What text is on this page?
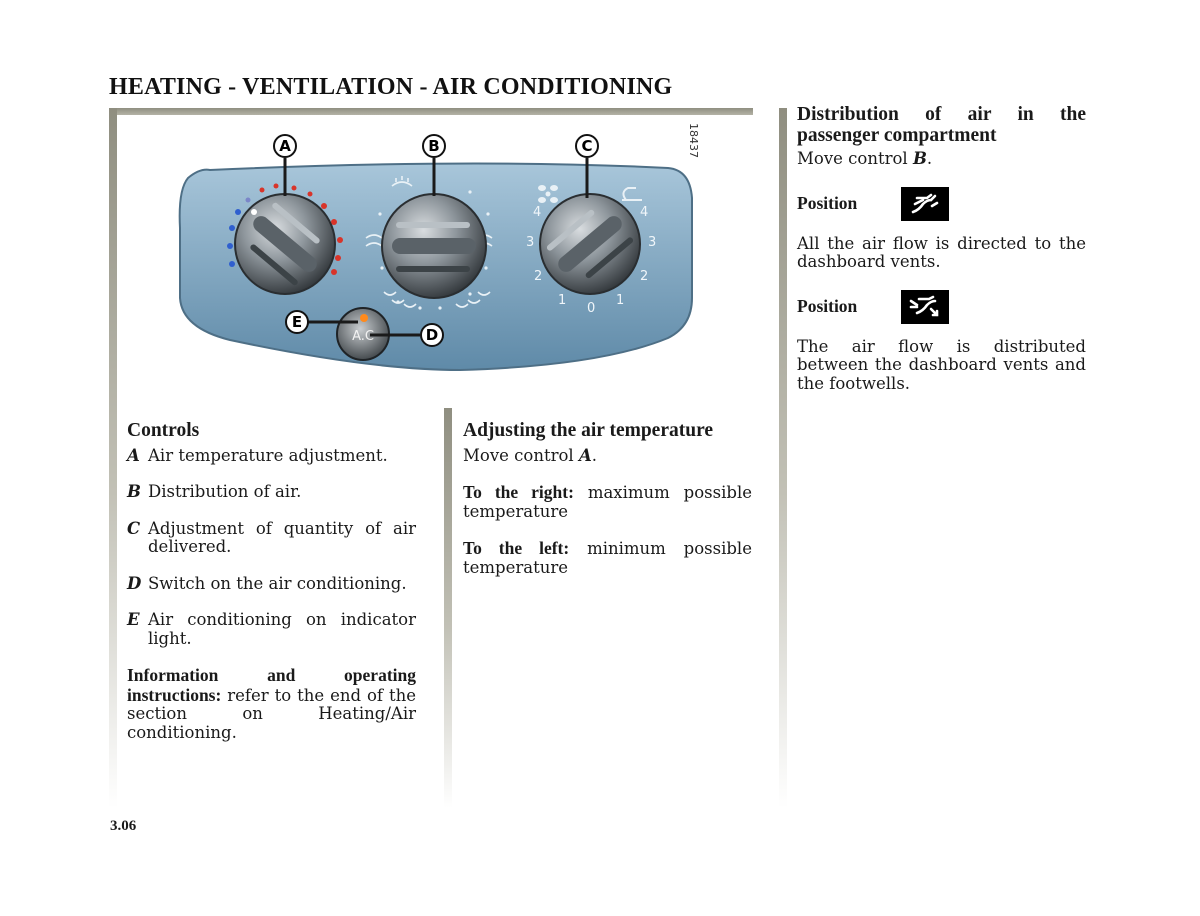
HEATING - VENTILATION - AIR CONDITIONING
18437
4
3
2
1
0
1
2
3
4
A.C
A	B	C
E
D
Controls
A Air temperature adjustment.
B Distribution of air.
C Adjustment of quantity of air delivered.
D Switch on the air conditioning.
E Air conditioning on indicator light.

Information and operating instructions: refer to the end of the section on Heating/Air conditioning.

Adjusting the air temperature

Move control A.

To the right: maximum possible temperature

To the left: minimum possible temperature

Distribution of air in the passenger compartment

Move control B.

Position

All the air flow is directed to the dashboard vents.

Position

The air flow is distributed between the dashboard vents and the footwells.

3.06
